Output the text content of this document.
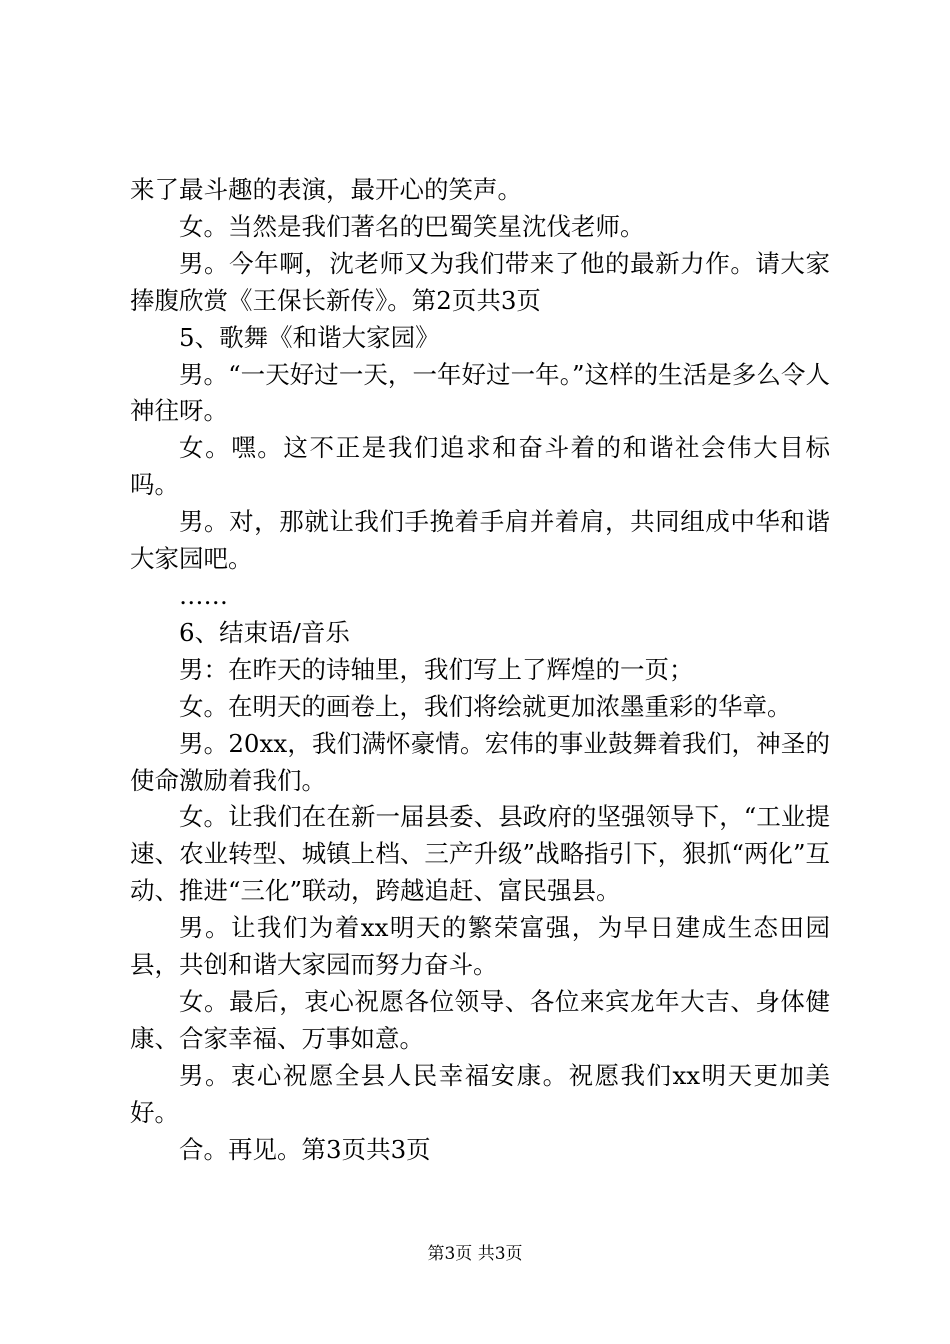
来了最斗趣的表演，最开心的笑声。

女。当然是我们著名的巴蜀笑星沈伐老师。

男。今年啊，沈老师又为我们带来了他的最新力作。请大家捧腹欣赏《王保长新传》。第2页共3页

5、歌舞《和谐大家园》

男。“一天好过一天，一年好过一年。”这样的生活是多么令人神往呀。

女。嘿。这不正是我们追求和奋斗着的和谐社会伟大目标吗。

男。对，那就让我们手挽着手肩并着肩，共同组成中华和谐大家园吧。

……

6、结束语/音乐

男：在昨天的诗轴里，我们写上了辉煌的一页；

女。在明天的画卷上，我们将绘就更加浓墨重彩的华章。

男。20xx，我们满怀豪情。宏伟的事业鼓舞着我们，神圣的使命激励着我们。

女。让我们在在新一届县委、县政府的坚强领导下，“工业提速、农业转型、城镇上档、三产升级”战略指引下，狠抓“两化”互动、推进“三化”联动，跨越追赶、富民强县。

男。让我们为着xx明天的繁荣富强，为早日建成生态田园县，共创和谐大家园而努力奋斗。

女。最后，衷心祝愿各位领导、各位来宾龙年大吉、身体健康、合家幸福、万事如意。

男。衷心祝愿全县人民幸福安康。祝愿我们xx明天更加美好。

合。再见。第3页共3页

第3页 共3页
